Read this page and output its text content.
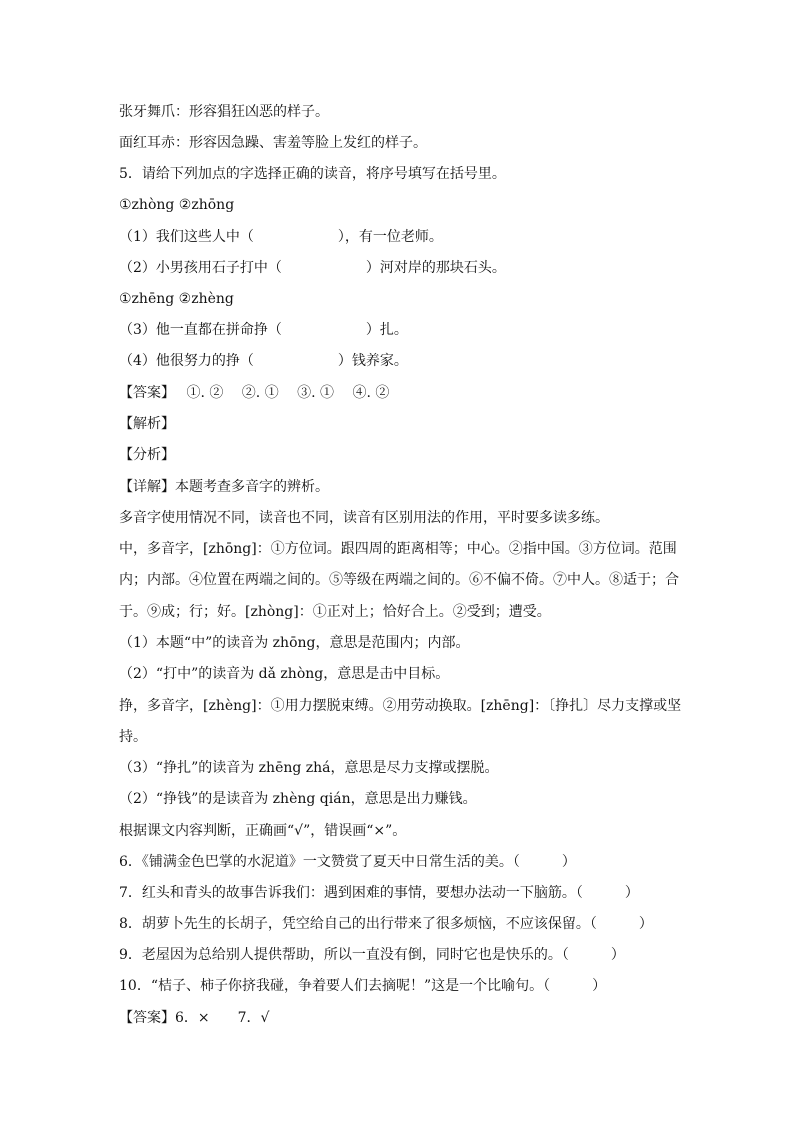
张牙舞爪：形容猖狂凶恶的样子。
面红耳赤：形容因急躁、害羞等脸上发红的样子。
5．请给下列加点的字选择正确的读音，将序号填写在括号里。
①zhòng ②zhōng
（1）我们这些人中（　　　　　　），有一位老师。
（2）小男孩用石子打中（　　　　　　）河对岸的那块石头。
①zhēng ②zhèng
（3）他一直都在拼命挣（　　　　　　）扎。
（4）他很努力的挣（　　　　　　）钱养家。
【答案】　 ①. ②　 ②. ①　 ③. ①　 ④. ②
【解析】
【分析】
【详解】本题考查多音字的辨析。
多音字使用情况不同，读音也不同，读音有区别用法的作用，平时要多读多练。
中，多音字，[zhōng]：①方位词。跟四周的距离相等；中心。②指中国。③方位词。范围
内；内部。④位置在两端之间的。⑤等级在两端之间的。⑥不偏不倚。⑦中人。⑧适于；合
于。⑨成；行；好。[zhòng]：①正对上；恰好合上。②受到；遭受。
（1）本题“中”的读音为 zhōng，意思是范围内；内部。
（2）“打中”的读音为 dǎ zhòng，意思是击中目标。
挣，多音字，[zhèng]：①用力摆脱束缚。②用劳动换取。[zhēng]：〔挣扎〕尽力支撑或坚
持。
（3）“挣扎”的读音为 zhēng zhá，意思是尽力支撑或摆脱。
（2）“挣钱”的是读音为 zhèng qián，意思是出力赚钱。
根据课文内容判断，正确画“√”，错误画“×”。
6．《铺满金色巴掌的水泥道》一文赞赏了夏天中日常生活的美。（　　　）
7．红头和青头的故事告诉我们：遇到困难的事情，要想办法动一下脑筋。（　　　）
8．胡萝卜先生的长胡子，凭空给自己的出行带来了很多烦恼，不应该保留。（　　　）
9．老屋因为总给别人提供帮助，所以一直没有倒，同时它也是快乐的。（　　　）
10．“桔子、柿子你挤我碰，争着要人们去摘呢！”这是一个比喻句。（　　　）
【答案】6．×　　7．√
